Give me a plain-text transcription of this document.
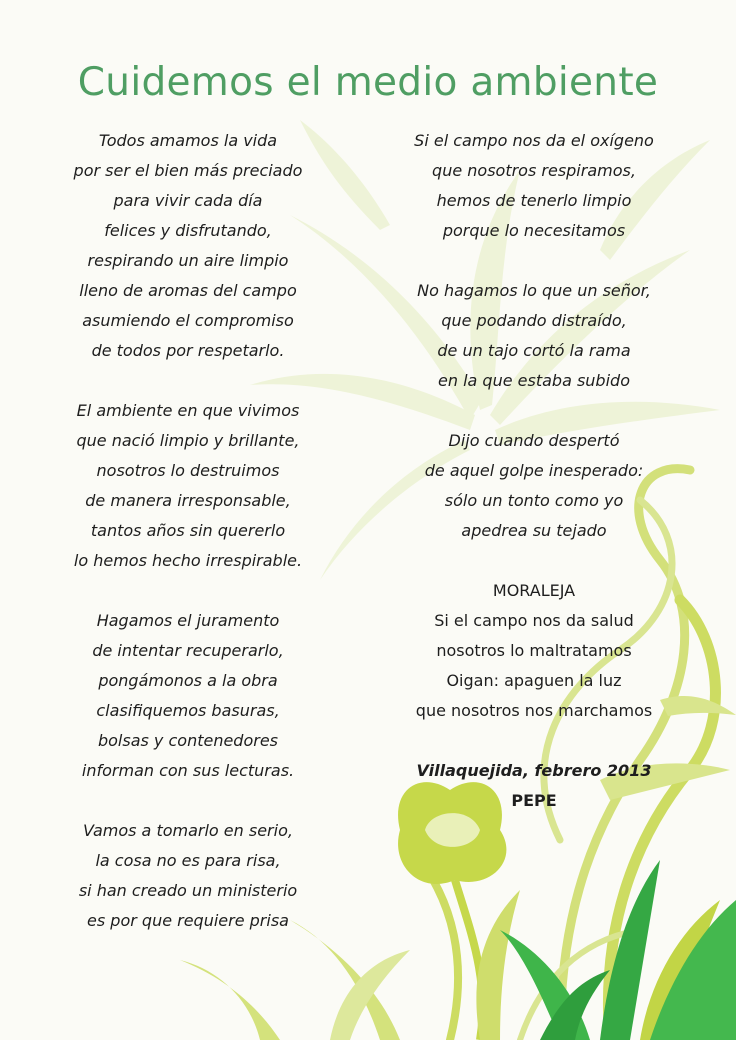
Cuidemos el medio ambiente
Todos amamos la vida
por ser el bien más preciado
para vivir cada día
felices y disfrutando,
respirando un aire limpio
lleno de aromas del campo
asumiendo el compromiso
de todos por respetarlo.
El ambiente en que vivimos
que nació limpio y brillante,
nosotros lo destruimos
de manera irresponsable,
tantos años sin quererlo
lo hemos hecho irrespirable.
Hagamos el juramento
de intentar recuperarlo,
pongámonos a la obra
clasifiquemos basuras,
bolsas y contenedores
informan con sus lecturas.
Vamos a tomarlo en serio,
la cosa no es para risa,
si han creado un ministerio
es por que requiere prisa
Si el campo nos da el oxígeno
que nosotros respiramos,
hemos de tenerlo limpio
porque lo necesitamos
No hagamos lo que un señor,
que podando distraído,
de un tajo cortó la rama
en la que estaba subido
Dijo cuando despertó
de aquel golpe inesperado:
sólo un tonto como yo
apedrea su tejado
MORALEJA
Si el campo nos da salud
nosotros lo maltratamos
Oigan: apaguen la luz
que nosotros nos marchamos
Villaquejida, febrero 2013
PEPE
